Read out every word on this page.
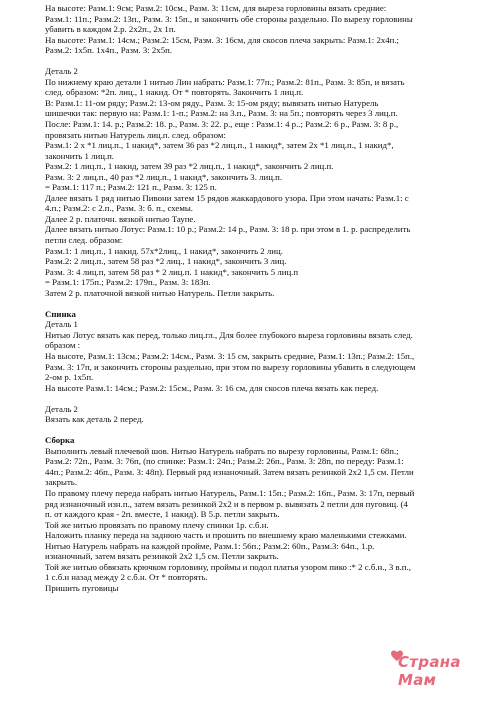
На высоте: Разм.1: 9см; Разм.2: 10см., Разм. 3: 11см, для выреза горловины вязать средние:
Разм.1: 11п.; Разм.2: 13п., Разм. 3: 15п., и закончить обе стороны раздельно. По вырезу горловины
убавить в каждом 2.р. 2х2п., 2х 1п.
На высоте: Разм.1: 14см.; Разм.2: 15см, Разм. 3: 16см, для скосов плеча закрыть: Разм.1: 2х4п.;
Разм.2: 1х5п. 1х4п., Разм. 3: 2х5п.
Деталь 2
По нижнему краю детали 1 нитью Лин набрать: Разм.1: 77п.; Разм.2: 81п., Разм. 3: 85п, и вязать
след. образом: *2п. лиц., 1 накид. От * повторять. Закончить 1 лиц.п.
В: Разм.1: 11-ом ряду; Разм.2: 13-ом ряду., Разм. 3: 15-ом ряду; вывязать нитью Натурель
шишечки так: первую на: Разм.1: 1-п.; Разм.2: на 3.п., Разм. 3: на 5п.; повторять через 3 лиц.п.
После: Разм.1: 14. р.; Разм.2: 18. р., Разм. 3: 22. р., еще : Разм.1: 4 р..; Разм.2: 6 р., Разм. 3: 8 р.,
провязать нитью Натурель лиц.п. след. образом:
Разм.1: 2 х *1 лиц.п., 1 накид*, затем 36 раз *2 лиц.п., 1 накид*, затем 2х *1 лиц.п., 1 накид*,
закончить 1 лиц.п.
Разм.2: 1 лиц.п., 1 накид, затем 39 раз *2 лиц.п., 1 накид*, закончить 2 лиц.п.
Разм. 3: 2 лиц.п., 40 раз *2 лиц.п., 1 накид*, закончить 3. лиц.п.
= Разм.1: 117 п.; Разм.2: 121 п., Разм. 3: 125 п.
Далее вязать 1 ряд нитью Пивони затем 15 рядов жаккардового узора. При этом начать: Разм.1: с
4.п.; Разм.2: с 2.п., Разм. 3: б. п., схемы.
Далее 2 р. платочн. вязкой нитью Таупе.
Далее вязать нитью Лотус: Разм.1: 10 р.; Разм.2: 14 р., Разм. 3: 18 р. при этом в 1. р. распределить
петли след. образом:
Разм.1: 1 лиц.п., 1 накид. 57х*2лиц., 1 накид*, закончить 2 лиц.
Разм.2: 2 лиц.п., затем 58 раз *2 лиц., 1 накид*, закончить 3 лиц.
Разм. 3: 4 лиц.п, затем 58 раз * 2 лиц.п. 1 накид*, закончить 5 лиц.п
= Разм.1: 175п.; Разм.2: 179п., Разм. 3: 183п.
Затем 2 р. платочной вязкой нитью Натурель. Петли закрыть.
Спинка
Деталь 1
Нитью Лотус вязать как перед, только лиц.гл., Для более глубокого выреза горловины вязать след.
образом :
На высоте, Разм.1: 13см.; Разм.2: 14см., Разм. 3: 15 см, закрыть средние, Разм.1: 13п.; Разм.2: 15п.,
Разм. 3: 17п, и закончить стороны раздельно, при этом по вырезу горловины убавить в следующем
2-ом р. 1х5п.
На высоте Разм.1: 14см.; Разм.2: 15см., Разм. 3: 16 см, для скосов плеча вязать как перед.
Деталь 2
Вязать как деталь 2 перед.
Сборка
Выполнить левый плечевой шов. Нитью Натурель набрать по вырезу горловины, Разм.1: 68п.;
Разм.2: 72п., Разм. 3: 76п, (по спинке: Разм.1: 24п.; Разм.2: 26п., Разм. 3: 28п, по переду: Разм.1:
44п.; Разм.2: 46п., Разм. 3: 48п). Первый ряд изнаночный. Затем вязать резинкой 2х2 1,5 см. Петли
закрыть.
По правому плечу переда набрать нитью Натурель, Разм.1: 15п.; Разм.2: 16п., Разм. 3: 17п, первый
ряд изнаночный изн.п., затем вязать резинкой 2х2 и в первом р. вывязать 2 петли для пуговиц. (4
п. от каждого края - 2п. вместе, 1 накид). В 5.р. петли закрыть.
Той же нитью провязать по правому плечу спинки 1р. с.б.н.
Наложить планку переда на заднюю часть и прошить по внешнему краю маленькими стежками.
Нитью Натурель набрать на каждой пройме, Разм.1: 56п.; Разм.2: 60п., Разм.3: 64п., 1.р.
изнаночный, затем вязать резинкой 2х2 1,5 см. Петли закрыть.
Той же нитью обвязать крючком горловину, проймы и подол платья узором пико :* 2 с.б.н., 3 в.п.,
1 с.б.н назад между 2 с.б.н. От * повторять.
Пришить пуговицы
Страна Мам
